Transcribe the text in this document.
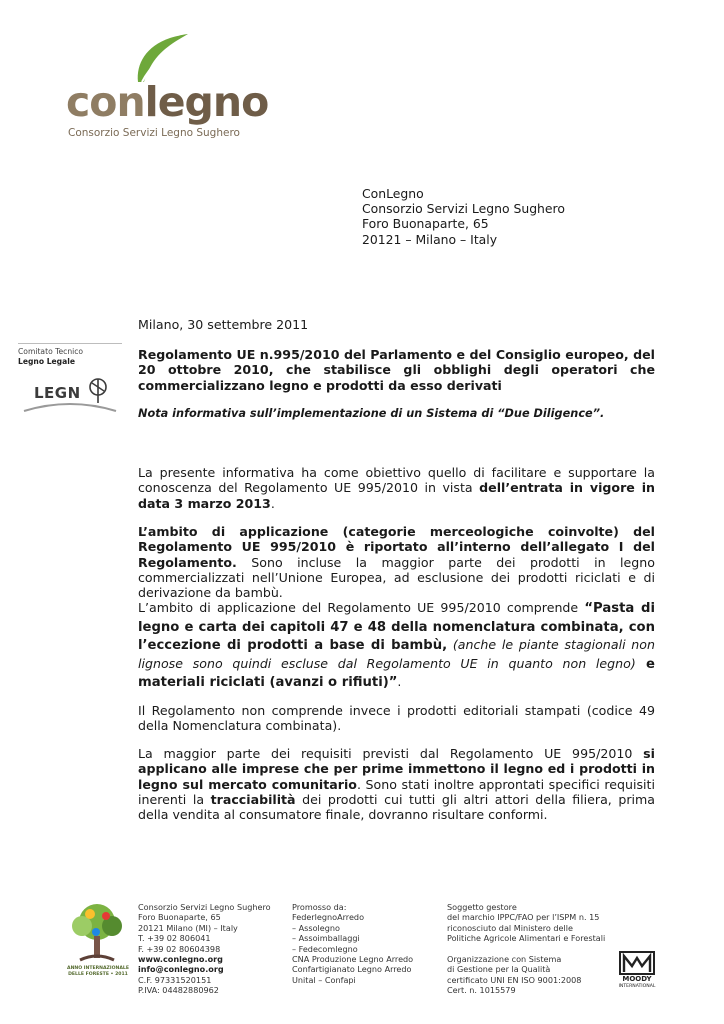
conlegno
Consorzio Servizi Legno Sughero
ConLegno
Consorzio Servizi Legno Sughero
Foro Buonaparte, 65
20121 – Milano – Italy
Comitato Tecnico
Legno Legale
LEGN
Milano, 30 settembre 2011
Regolamento UE n.995/2010 del Parlamento e del Consiglio europeo, del 20 ottobre 2010, che stabilisce gli obblighi degli operatori che commercializzano legno e prodotti da esso derivati
Nota informativa sull’implementazione di un Sistema di “Due Diligence”.
La presente informativa ha come obiettivo quello di facilitare e supportare la conoscenza del Regolamento UE 995/2010 in vista dell’entrata in vigore in data 3 marzo 2013.
L’ambito di applicazione (categorie merceologiche coinvolte) del Regolamento UE 995/2010 è riportato all’interno dell’allegato I del Regolamento. Sono incluse la maggior parte dei prodotti in legno commercializzati nell’Unione Europea, ad esclusione dei prodotti riciclati e di derivazione da bambù.
L’ambito di applicazione del Regolamento UE 995/2010 comprende “Pasta di legno e carta dei capitoli 47 e 48 della nomenclatura combinata, con l’eccezione di prodotti a base di bambù, (anche le piante stagionali non lignose sono quindi escluse dal Regolamento UE in quanto non legno) e materiali riciclati (avanzi o rifiuti)”.
Il Regolamento non comprende invece i prodotti editoriali stampati (codice 49 della Nomenclatura combinata).
La maggior parte dei requisiti previsti dal Regolamento UE 995/2010 si applicano alle imprese che per prime immettono il legno ed i prodotti in legno sul mercato comunitario. Sono stati inoltre approntati specifici requisiti inerenti la tracciabilità dei prodotti cui tutti gli altri attori della filiera, prima della vendita al consumatore finale, dovranno risultare conformi.
ANNO INTERNAZIONALE DELLE FORESTE • 2011
Consorzio Servizi Legno Sughero
Foro Buonaparte, 65
20121 Milano (MI) – Italy
T. +39 02 806041
F. +39 02 80604398
www.conlegno.org
info@conlegno.org
C.F. 97331520151
P.IVA: 04482880962
Promosso da:
FederlegnoArredo
– Assolegno
– Assoimballaggi
– Fedecomlegno
CNA Produzione Legno Arredo
Confartigianato Legno Arredo
Unital – Confapi
Soggetto gestore
del marchio IPPC/FAO per l’ISPM n. 15
riconosciuto dal Ministero delle
Politiche Agricole Alimentari e Forestali

Organizzazione con Sistema
di Gestione per la Qualità
certificato UNI EN ISO 9001:2008
Cert. n. 1015579
MOODY
INTERNATIONAL
